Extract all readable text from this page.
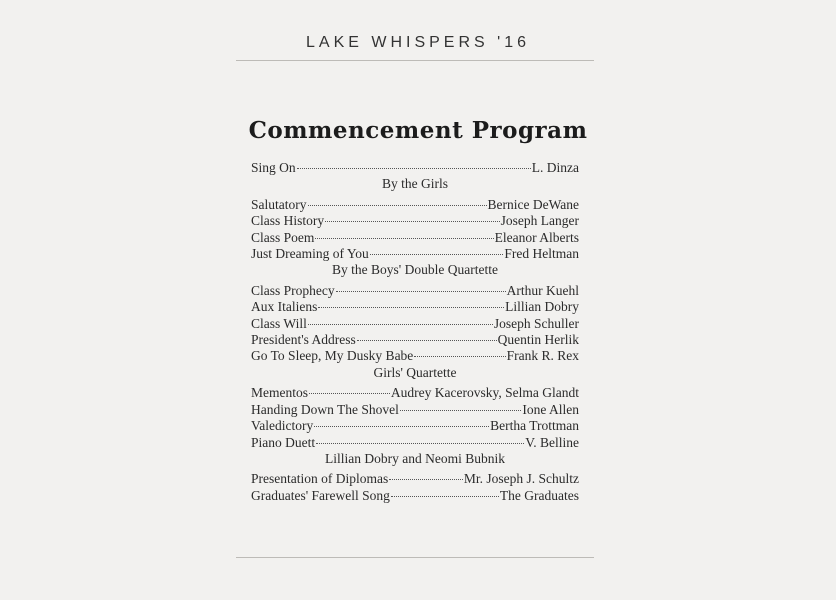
LAKE WHISPERS '16
Commencement Program
Sing On	L. Dinza
By the Girls
Salutatory	Bernice DeWane
Class History	Joseph Langer
Class Poem	Eleanor Alberts
Just Dreaming of You	Fred Heltman
By the Boys' Double Quartette
Class Prophecy	Arthur Kuehl
Aux Italiens	Lillian Dobry
Class Will	Joseph Schuller
President's Address	Quentin Herlik
Go To Sleep, My Dusky Babe	Frank R. Rex
Girls' Quartette
Mementos	Audrey Kacerovsky, Selma Glandt
Handing Down The Shovel	Ione Allen
Valedictory	Bertha Trottman
Piano Duett	V. Belline
Lillian Dobry and Neomi Bubnik
Presentation of Diplomas	Mr. Joseph J. Schultz
Graduates' Farewell Song	The Graduates
